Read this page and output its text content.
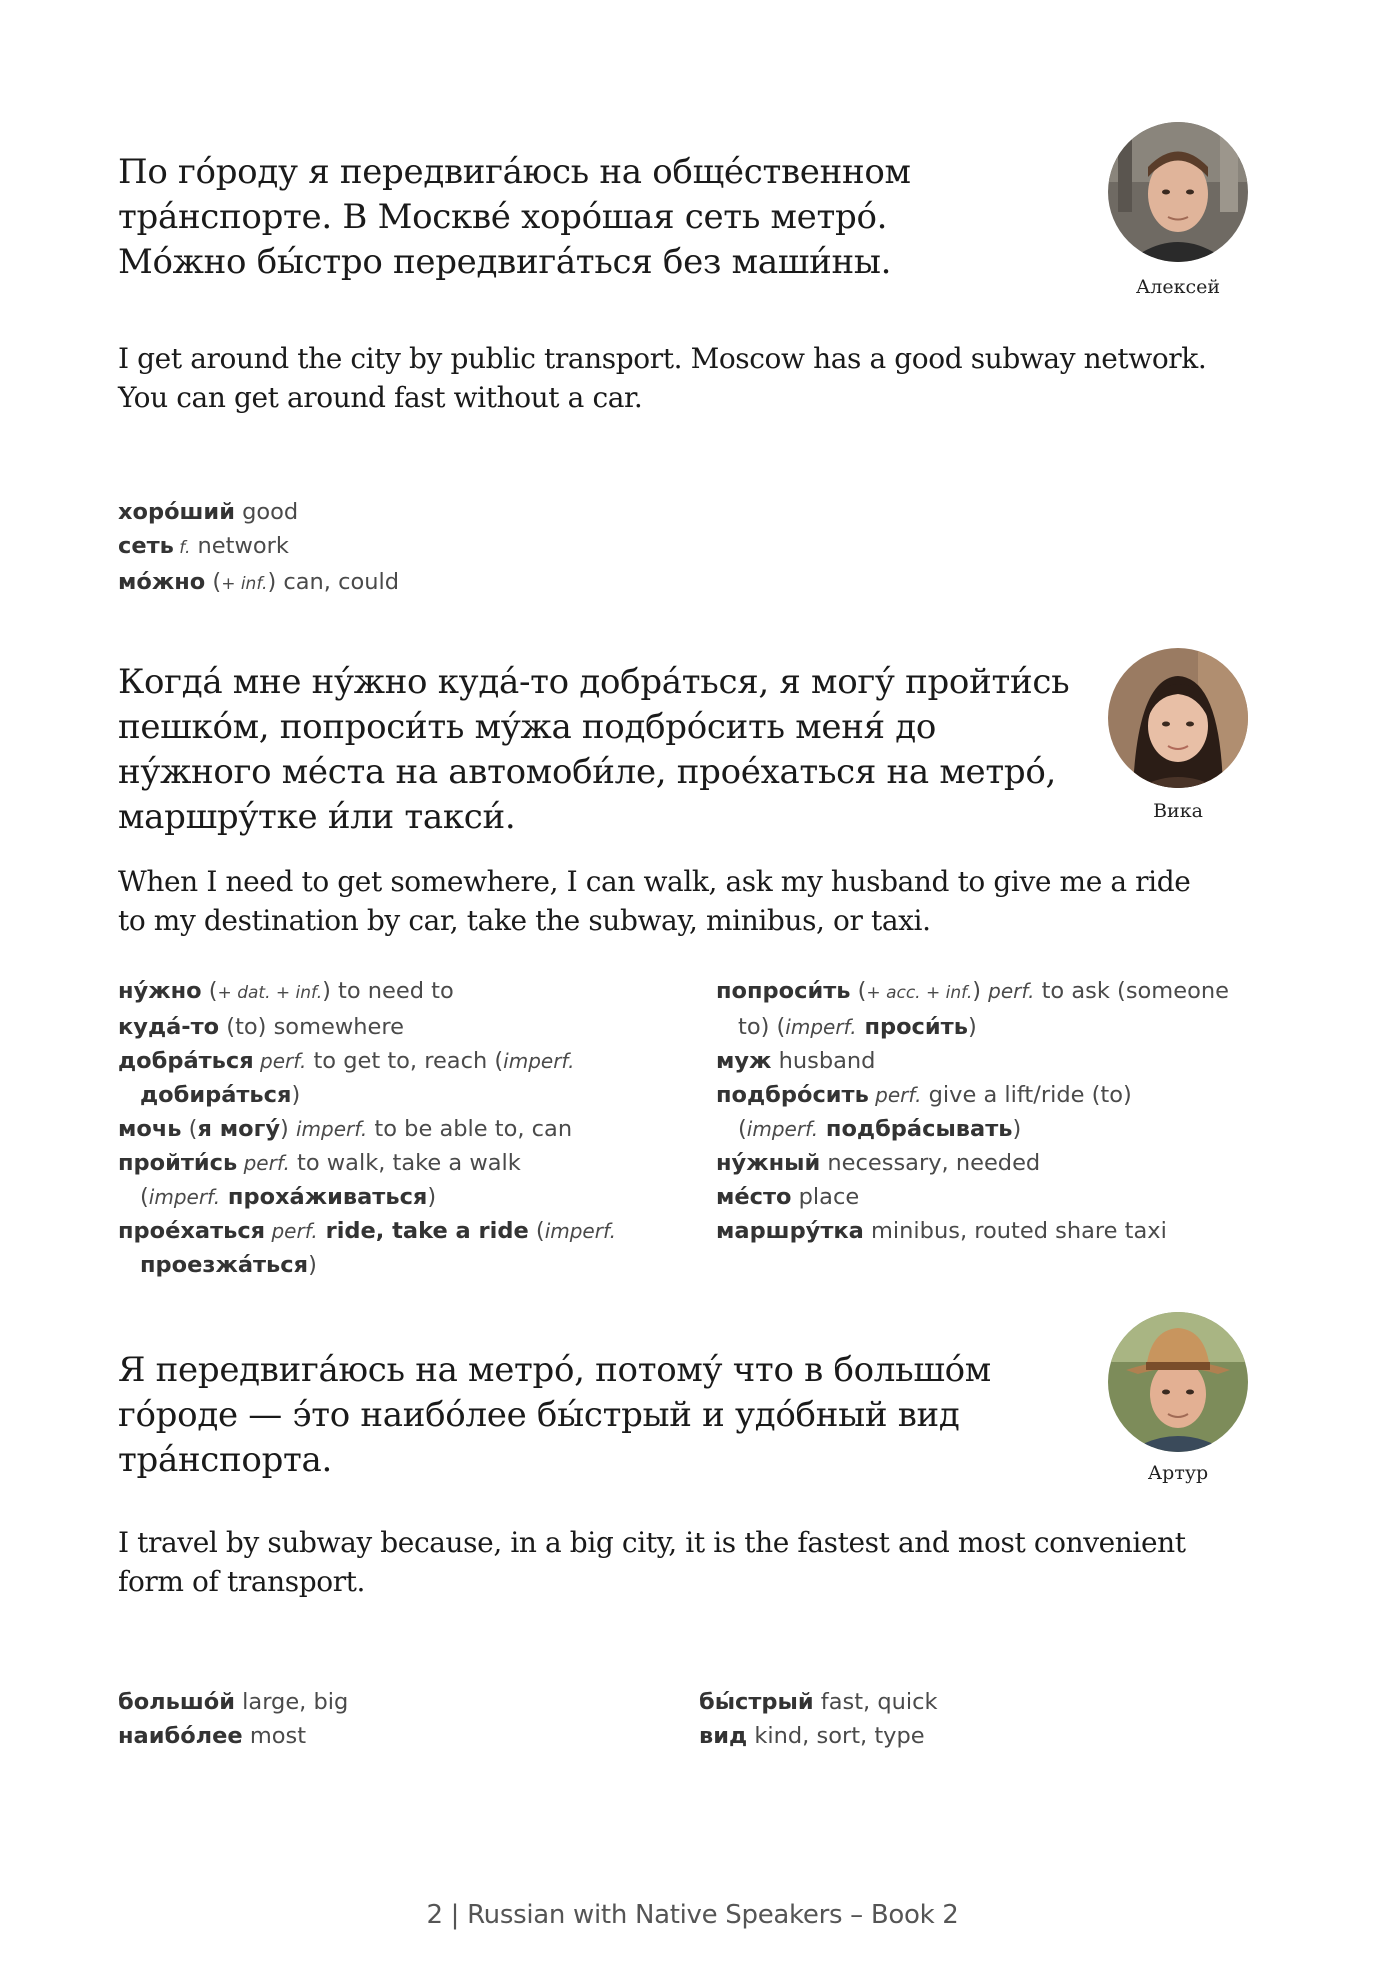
По го́роду я передвига́юсь на обще́ственном
тра́нспорте. В Москве́ хоро́шая сеть метро́.
Мо́жно бы́стро передвига́ться без маши́ны.

I get around the city by public transport. Moscow has a good subway network.
You can get around fast without a car.

хоро́ший good
сеть f. network
мо́жно (+ inf.) can, could
Алексей

Когда́ мне ну́жно куда́-то добра́ться, я могу́ пройти́сь
пешко́м, попроси́ть му́жа подбро́сить меня́ до
ну́жного ме́ста на автомоби́ле, прое́хаться на метро́,
маршру́тке и́ли такси́.

When I need to get somewhere, I can walk, ask my husband to give me a ride
to my destination by car, take the subway, minibus, or taxi.

ну́жно (+ dat. + inf.) to need to
куда́-то (to) somewhere
добра́ться perf. to get to, reach (imperf.
добира́ться)
мочь (я могу́) imperf. to be able to, can
пройти́сь perf. to walk, take a walk
(imperf. проха́живаться)
прое́хаться perf. ride, take a ride (imperf.
проезжа́ться)
попроси́ть (+ acc. + inf.) perf. to ask (someone
to) (imperf. проси́ть)
муж husband
подбро́сить perf. give a lift/ride (to)
(imperf. подбра́сывать)
ну́жный necessary, needed
ме́сто place
маршру́тка minibus, routed share taxi
Вика

Я передвига́юсь на метро́, потому́ что в большо́м
го́роде — э́то наибо́лее бы́стрый и удо́бный вид
тра́нспорта.

I travel by subway because, in a big city, it is the fastest and most convenient
form of transport.

большо́й large, big
наибо́лее most
бы́стрый fast, quick
вид kind, sort, type
Артур
2 | Russian with Native Speakers – Book 2
